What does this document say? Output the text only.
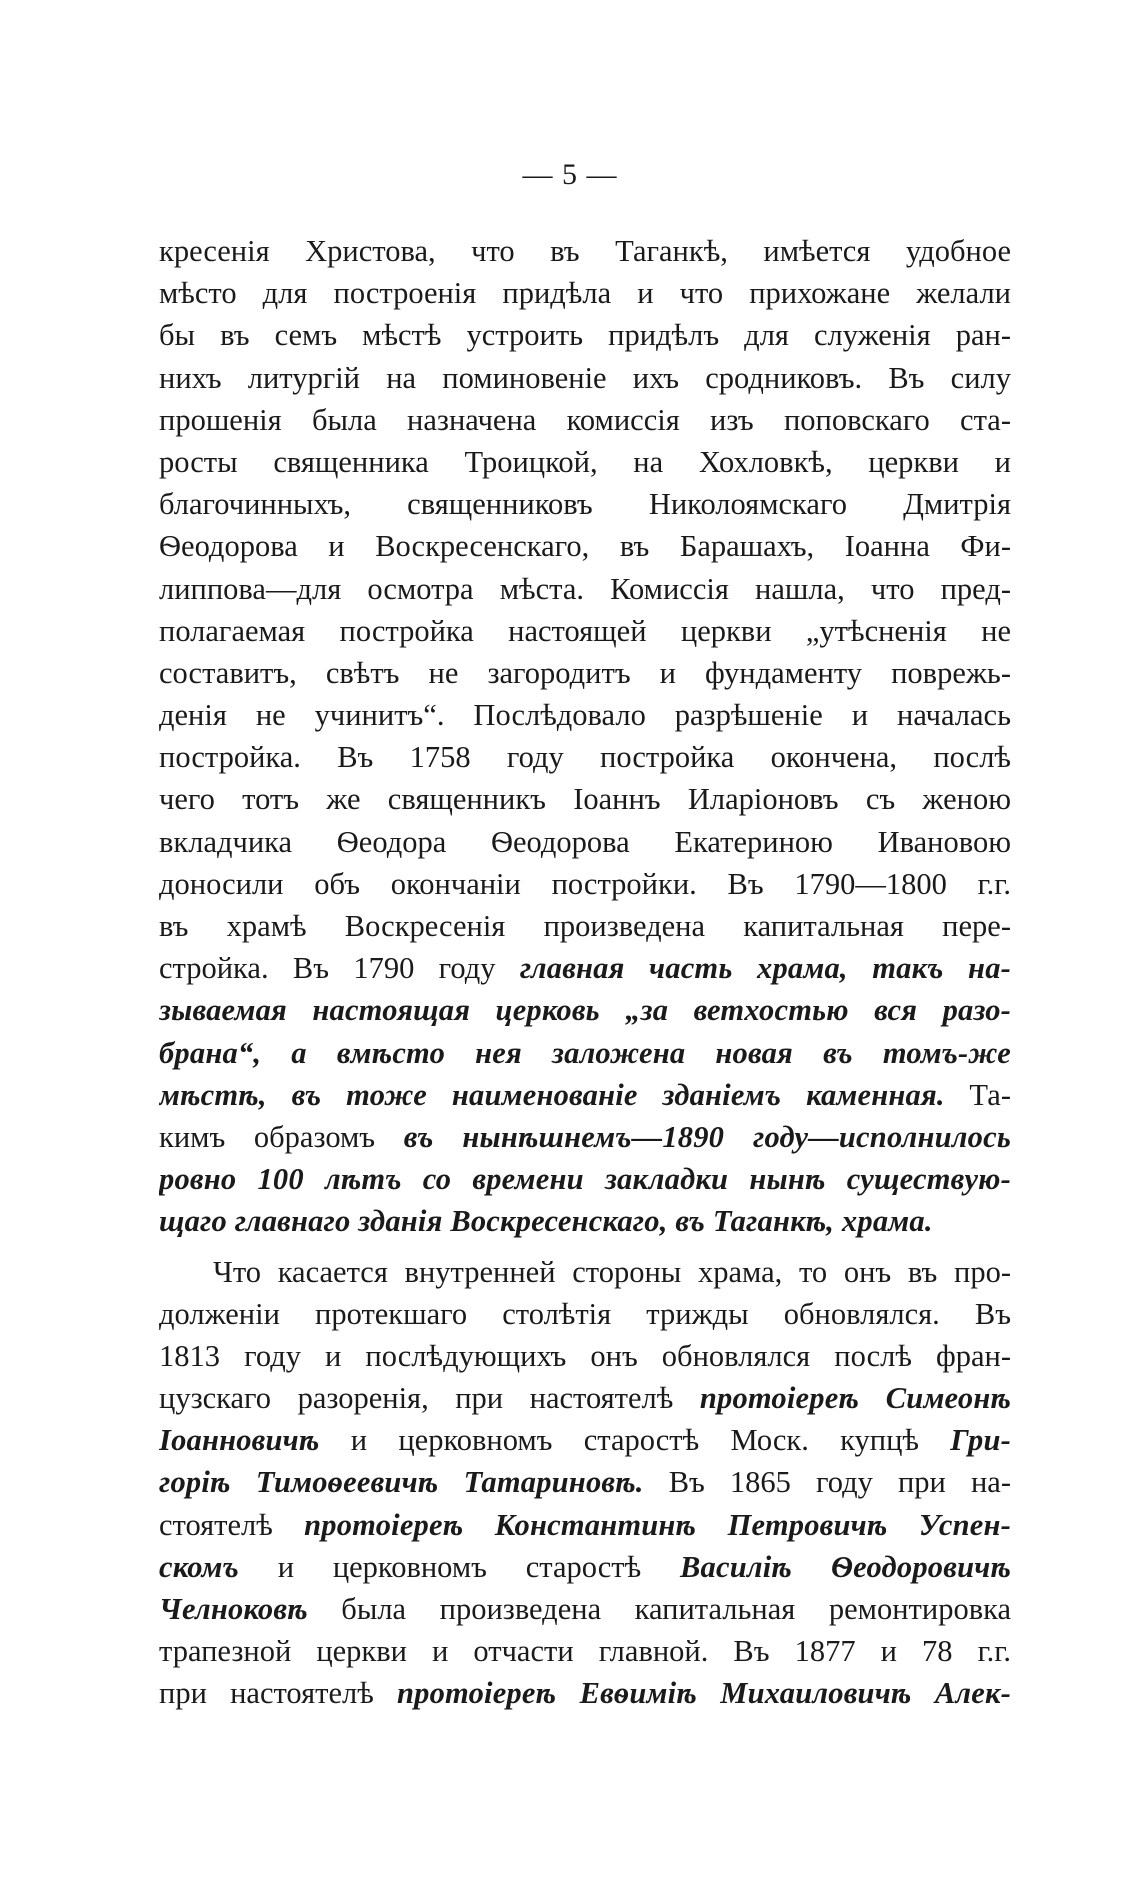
— 5 —
кресенія Христова, что въ Таганкѣ, имѣется удобное
мѣсто для построенія придѣла и что прихожане желали
бы въ семъ мѣстѣ устроить придѣлъ для служенія ран-
нихъ литургій на поминовеніе ихъ сродниковъ. Въ силу
прошенія была назначена комиссія изъ поповскаго ста-
росты священника Троицкой, на Хохловкѣ, церкви и
благочинныхъ, священниковъ Николоямскаго Дмитрія
Ѳеодорова и Воскресенскаго, въ Барашахъ, Іоанна Фи-
липпова—для осмотра мѣста. Комиссія нашла, что пред-
полагаемая постройка настоящей церкви „утѣсненія не
составитъ, свѣтъ не загородитъ и фундаменту поврежь-
денія не учинитъ“. Послѣдовало разрѣшеніе и началась
постройка. Въ 1758 году постройка окончена, послѣ
чего тотъ же священникъ Іоаннъ Иларіоновъ съ женою
вкладчика Ѳеодора Ѳеодорова Екатериною Ивановою
доносили объ окончаніи постройки. Въ 1790—1800 г.г.
въ храмѣ Воскресенія произведена капитальная пере-
стройка. Въ 1790 году главная часть храма, такъ на-
зываемая настоящая церковь „за ветхостью вся разо-
брана“, а вмѣсто нея заложена новая въ томъ-же
мѣстѣ, въ тоже наименованіе зданіемъ каменная. Та-
кимъ образомъ въ нынѣшнемъ—1890 году—исполнилось
ровно 100 лѣтъ со времени закладки нынѣ существую-
щаго главнаго зданія Воскресенскаго, въ Таганкѣ, храма.
Что касается внутренней стороны храма, то онъ въ про-
долженіи протекшаго столѣтія трижды обновлялся. Въ
1813 году и послѣдующихъ онъ обновлялся послѣ фран-
цузскаго разоренія, при настоятелѣ протоіереѣ Симеонѣ
Іоанновичѣ и церковномъ старостѣ Моск. купцѣ Гри-
горіѣ Тимоѳеевичѣ Татариновѣ. Въ 1865 году при на-
стоятелѣ протоіереѣ Константинѣ Петровичѣ Успен-
скомъ и церковномъ старостѣ Василіѣ Ѳеодоровичѣ
Челноковѣ была произведена капитальная ремонтировка
трапезной церкви и отчасти главной. Въ 1877 и 78 г.г.
при настоятелѣ протоіереѣ Евѳиміѣ Михаиловичѣ Алек-
